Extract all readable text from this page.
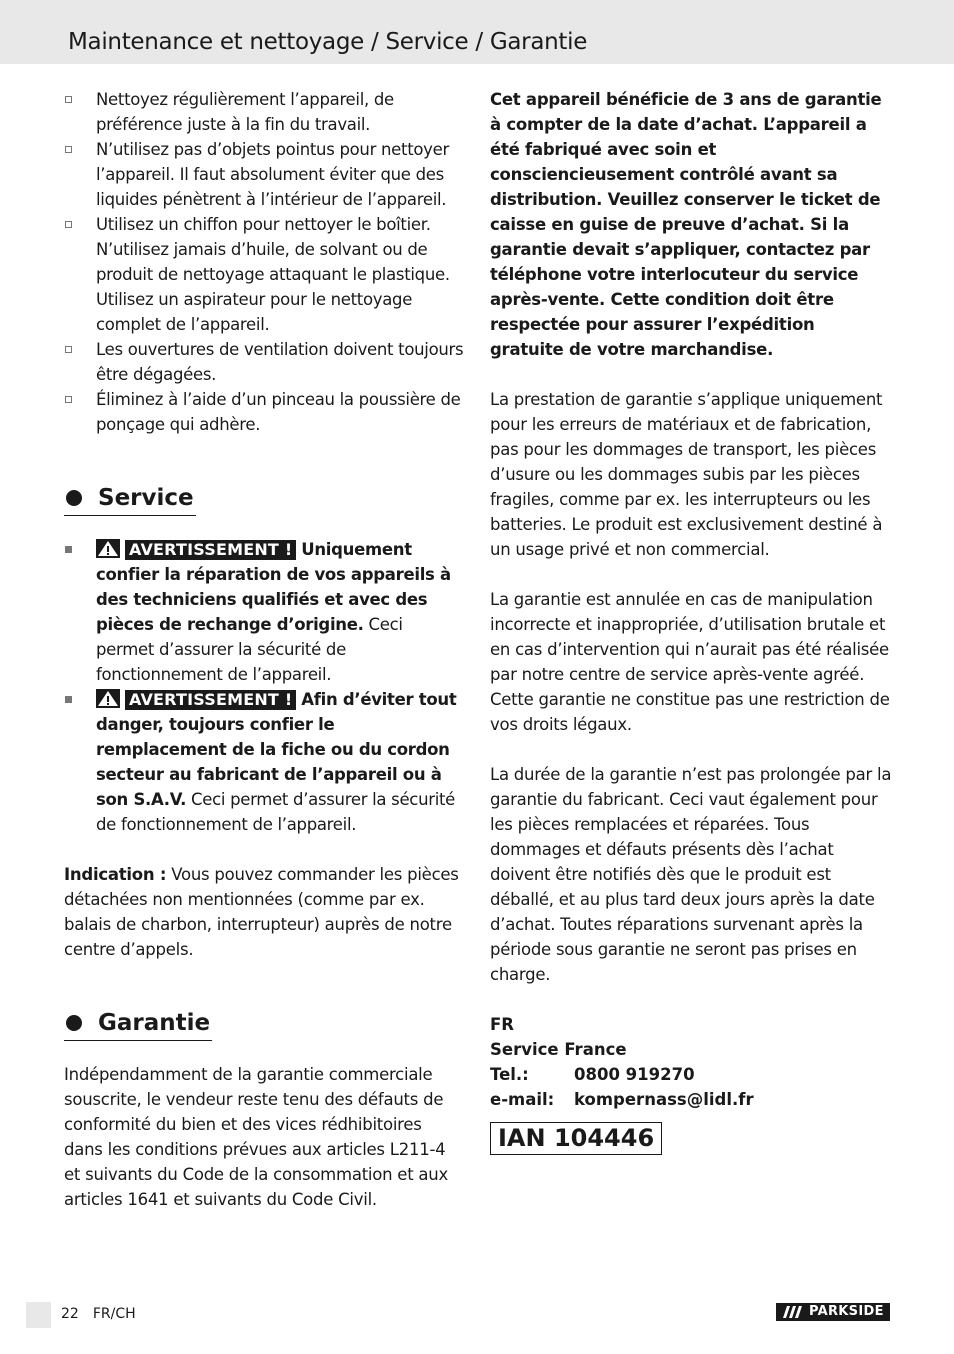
Maintenance et nettoyage / Service / Garantie
Nettoyez régulièrement l’appareil, de préférence juste à la fin du travail.
N’utilisez pas d’objets pointus pour nettoyer l’appareil. Il faut absolument éviter que des liquides pénètrent à l’intérieur de l’appareil.
Utilisez un chiffon pour nettoyer le boîtier. N’utilisez jamais d’huile, de solvant ou de produit de nettoyage attaquant le plastique. Utilisez un aspirateur pour le nettoyage complet de l’appareil.
Les ouvertures de ventilation doivent toujours être dégagées.
Éliminez à l’aide d’un pinceau la poussière de ponçage qui adhère.
Service
AVERTISSEMENT ! Uniquement confier la réparation de vos appareils à des techniciens qualifiés et avec des pièces de rechange d’origine. Ceci permet d’assurer la sécurité de fonctionnement de l’appareil.
AVERTISSEMENT ! Afin d’éviter tout danger, toujours confier le remplacement de la fiche ou du cordon secteur au fabricant de l’appareil ou à son S.A.V. Ceci permet d’assurer la sécurité de fonctionnement de l’appareil.

Indication : Vous pouvez commander les pièces détachées non mentionnées (comme par ex. balais de charbon, interrupteur) auprès de notre centre d’appels.

Garantie

Indépendamment de la garantie commerciale souscrite, le vendeur reste tenu des défauts de conformité du bien et des vices rédhibitoires dans les conditions prévues aux articles L211-4 et suivants du Code de la consommation et aux articles 1641 et suivants du Code Civil.

Cet appareil bénéficie de 3 ans de garantie à compter de la date d’achat. L’appareil a été fabriqué avec soin et consciencieusement contrôlé avant sa distribution. Veuillez conserver le ticket de caisse en guise de preuve d’achat. Si la garantie devait s’appliquer, contactez par téléphone votre interlocuteur du service après-vente. Cette condition doit être respectée pour assurer l’expédition gratuite de votre marchandise.

La prestation de garantie s’applique uniquement pour les erreurs de matériaux et de fabrication, pas pour les dommages de transport, les pièces d’usure ou les dommages subis par les pièces fragiles, comme par ex. les interrupteurs ou les batteries. Le produit est exclusivement destiné à un usage privé et non commercial.

La garantie est annulée en cas de manipulation incorrecte et inappropriée, d’utilisation brutale et en cas d’intervention qui n’aurait pas été réalisée par notre centre de service après-vente agréé. Cette garantie ne constitue pas une restriction de vos droits légaux.

La durée de la garantie n’est pas prolongée par la garantie du fabricant. Ceci vaut également pour les pièces remplacées et réparées. Tous dommages et défauts présents dès l’achat doivent être notifiés dès que le produit est déballé, et au plus tard deux jours après la date d’achat. Toutes réparations survenant après la période sous garantie ne seront pas prises en charge.

FR
Service France
Tel.:	0800 919270
e-mail: kompernass@lidl.fr
IAN 104446
22 FR/CH	PARKSIDE
